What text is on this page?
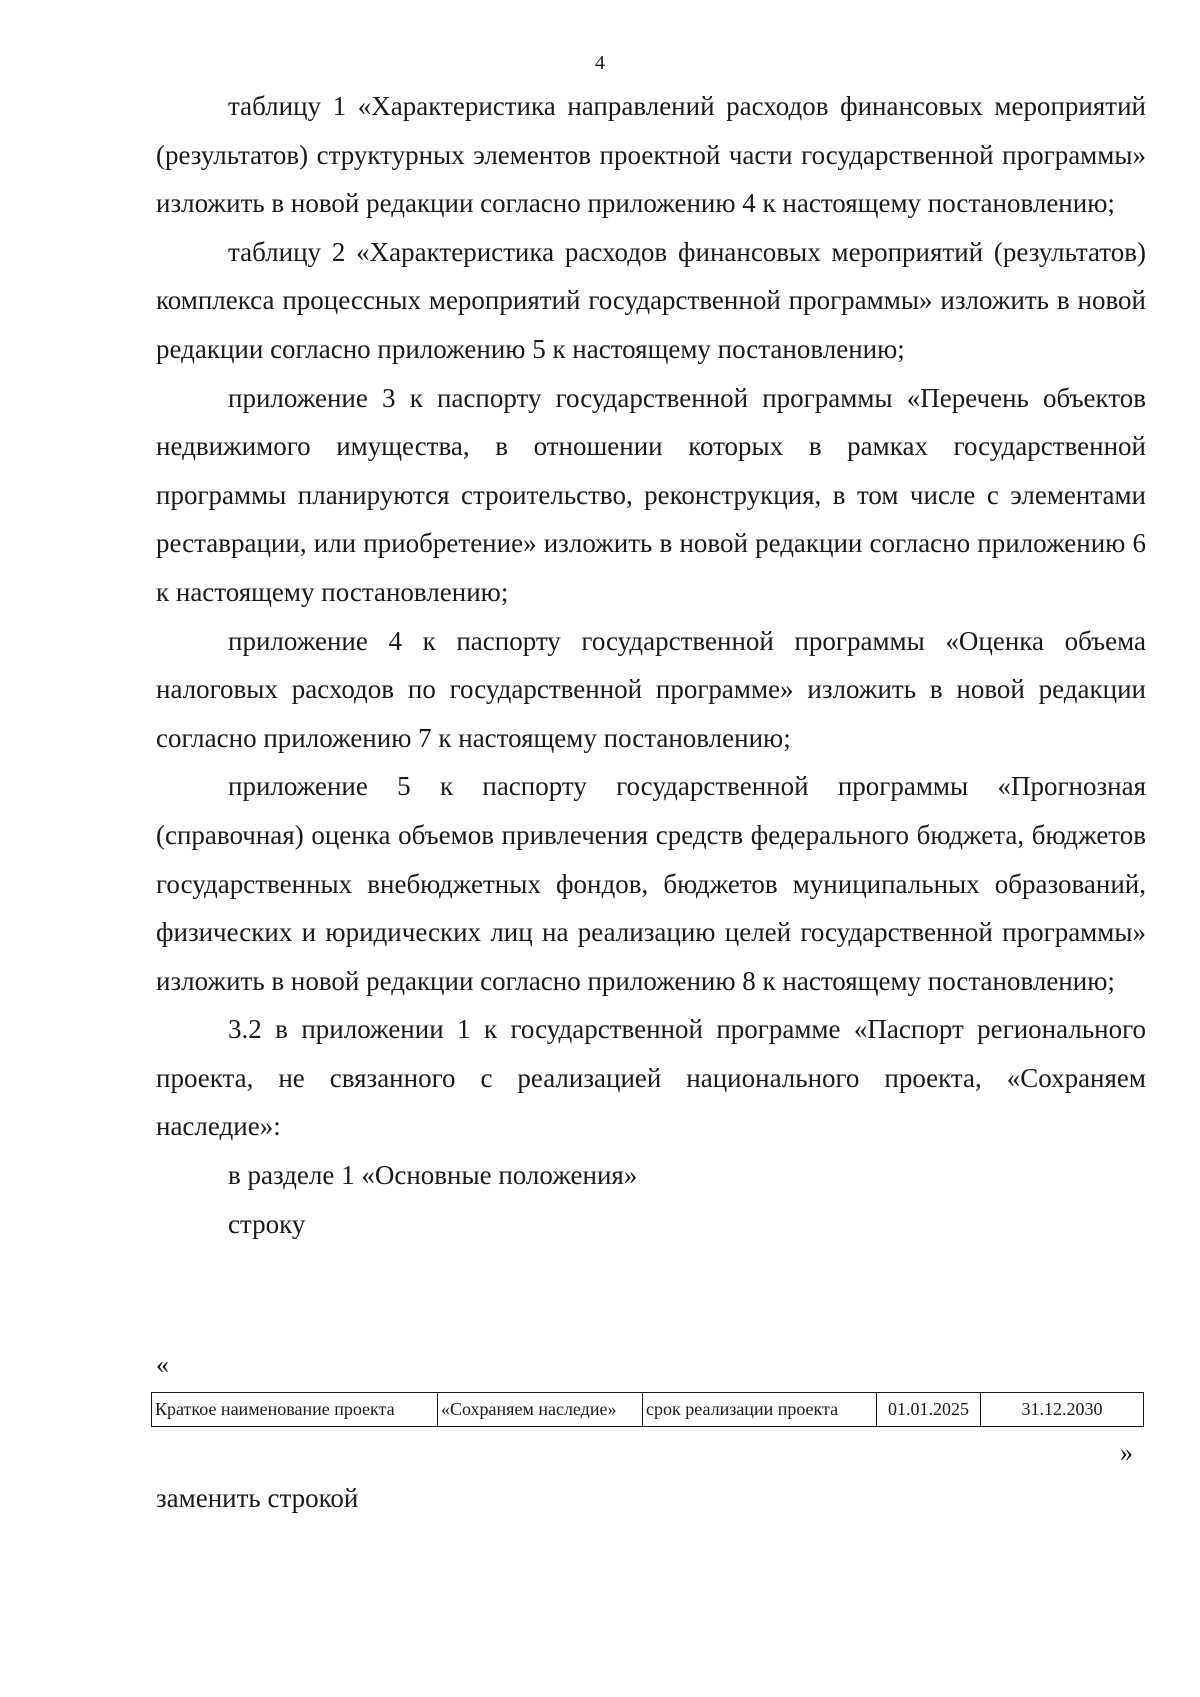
4

таблицу 1 «Характеристика направлений расходов финансовых мероприятий (результатов) структурных элементов проектной части государственной программы» изложить в новой редакции согласно приложению 4 к настоящему постановлению;

таблицу 2 «Характеристика расходов финансовых мероприятий (результатов) комплекса процессных мероприятий государственной программы» изложить в новой редакции согласно приложению 5 к настоящему постановлению;

приложение 3 к паспорту государственной программы «Перечень объектов недвижимого имущества, в отношении которых в рамках государственной программы планируются строительство, реконструкция, в том числе с элементами реставрации, или приобретение» изложить в новой редакции согласно приложению 6 к настоящему постановлению;

приложение 4 к паспорту государственной программы «Оценка объема налоговых расходов по государственной программе» изложить в новой редакции согласно приложению 7 к настоящему постановлению;

приложение 5 к паспорту государственной программы «Прогнозная (справочная) оценка объемов привлечения средств федерального бюджета, бюджетов государственных внебюджетных фондов, бюджетов муниципальных образований, физических и юридических лиц на реализацию целей государственной программы» изложить в новой редакции согласно приложению 8 к настоящему постановлению;

3.2 в приложении 1 к государственной программе «Паспорт регионального проекта, не связанного с реализацией национального проекта, «Сохраняем наследие»:

в разделе 1 «Основные положения»

строку

«
Краткое наименование проекта	«Сохраняем наследие»	срок реализации проекта	01.01.2025	31.12.2030
»
заменить строкой
